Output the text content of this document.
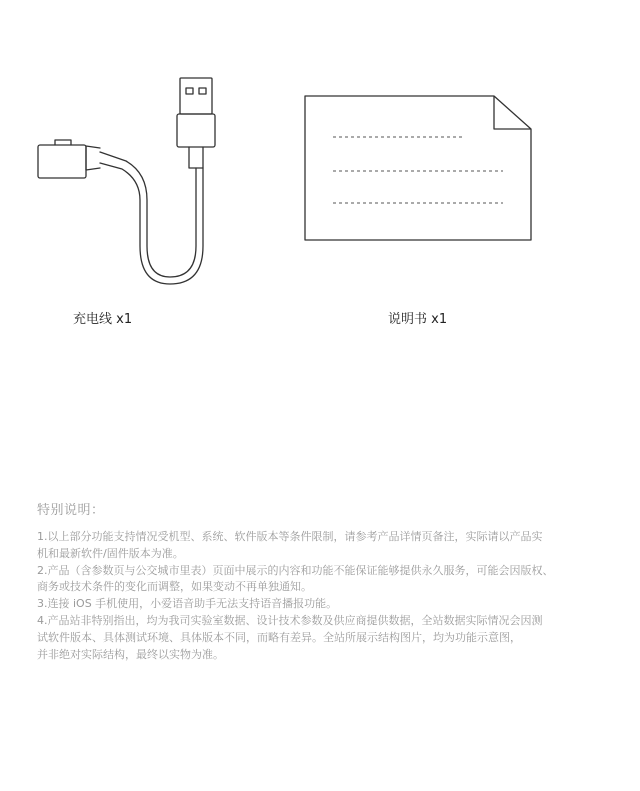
充电线 x1	说明书 x1
特别说明：
1.以上部分功能支持情况受机型、系统、软件版本等条件限制，请参考产品详情页备注，实际请以产品实
机和最新软件/固件版本为准。
2.产品（含参数页与公交城市里表）页面中展示的内容和功能不能保证能够提供永久服务，可能会因版权、
商务或技术条件的变化而调整，如果变动不再单独通知。
3.连接 iOS 手机使用，小爱语音助手无法支持语音播报功能。
4.产品站非特别指出，均为我司实验室数据、设计技术参数及供应商提供数据，全站数据实际情况会因测
试软件版本、具体测试环境、具体版本不同，而略有差异。全站所展示结构图片，均为功能示意图，
并非绝对实际结构，最终以实物为准。
